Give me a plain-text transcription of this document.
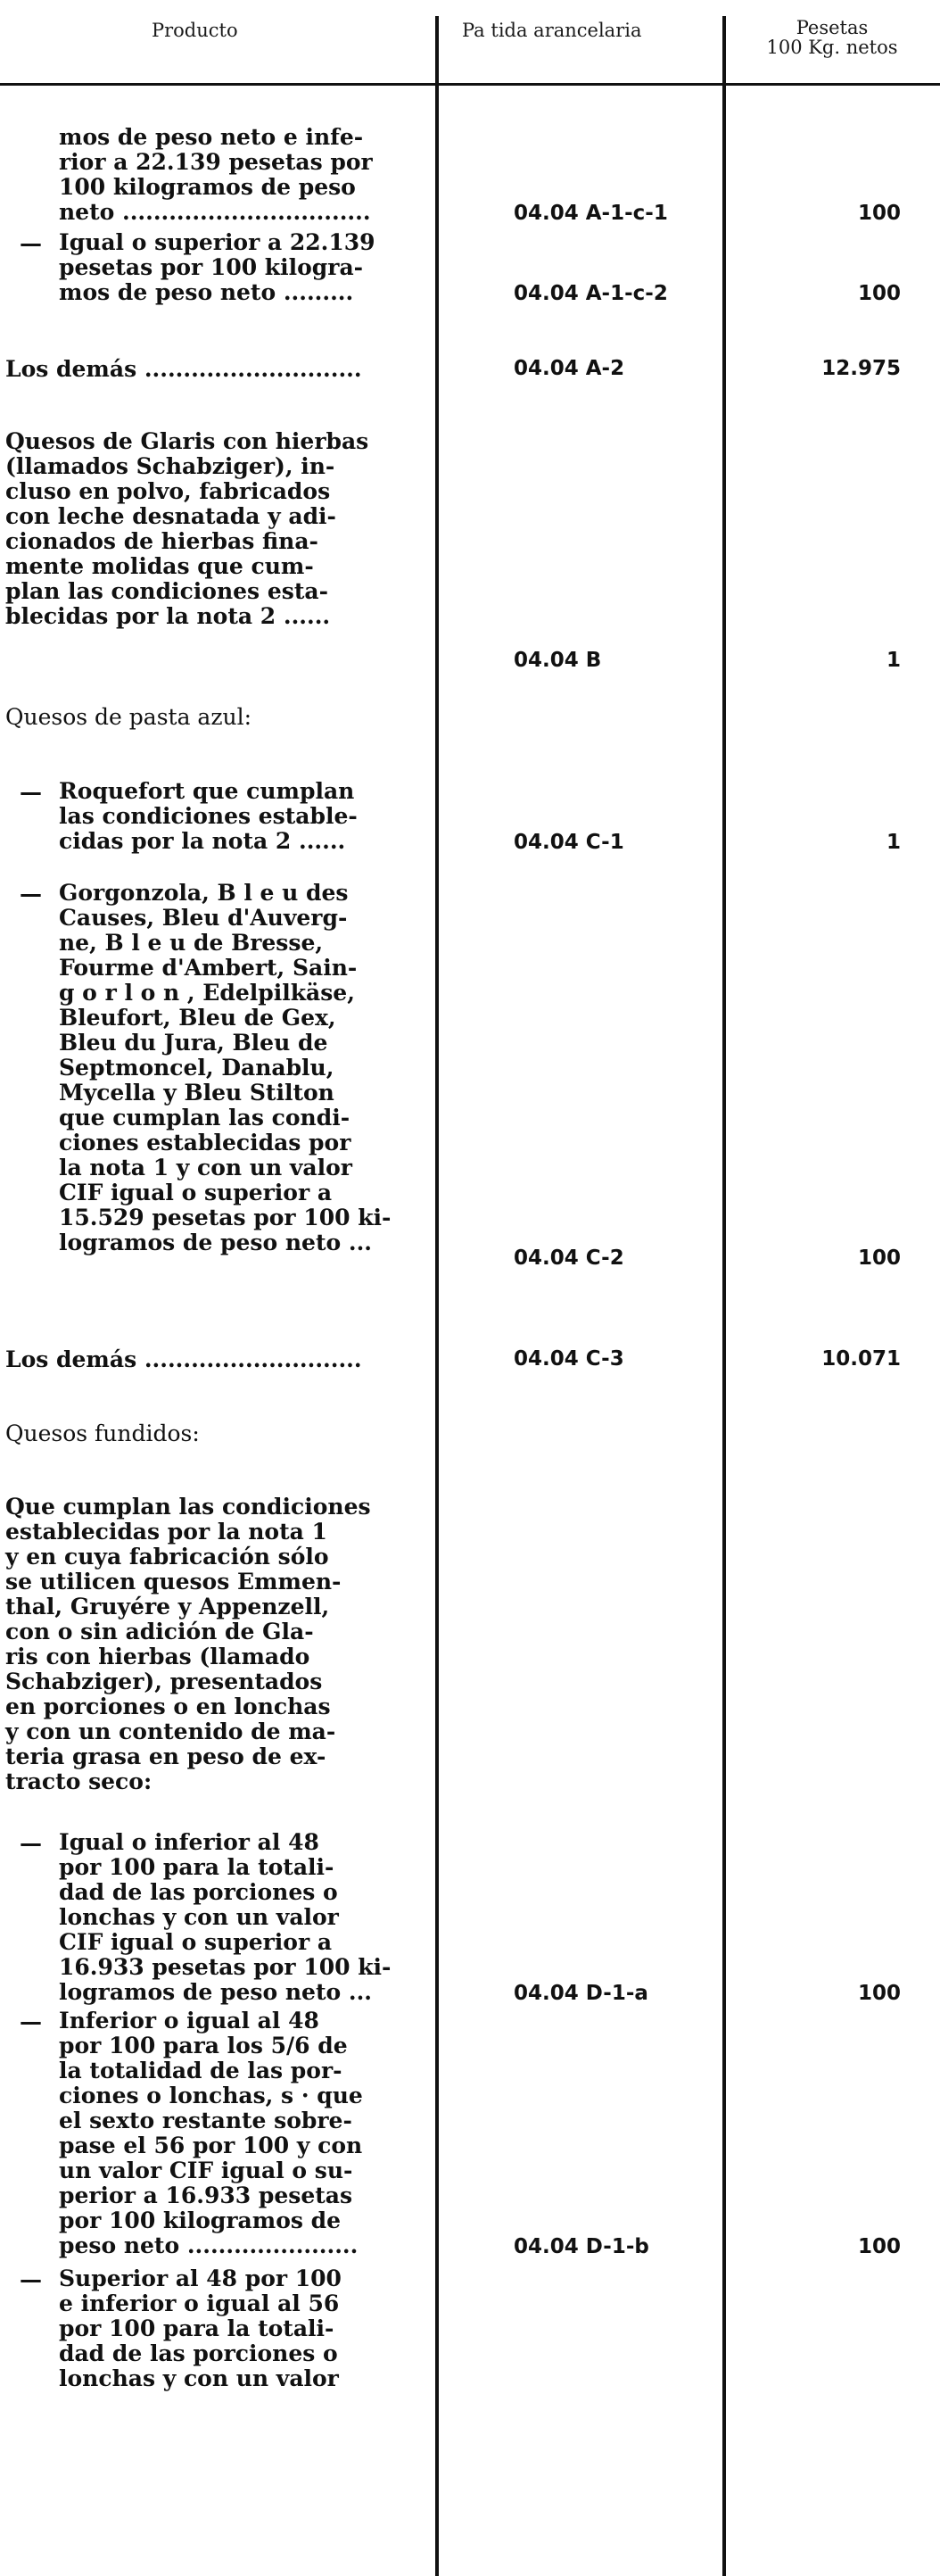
Producto	Pa tida arancelaria	Pesetas
100 Kg. netos
mos de peso neto e infe-
rior a 22.139 pesetas por
100 kilogramos de peso
neto ................................	04.04 A-1-c-1	100
— Igual o superior a 22.139
pesetas por 100 kilogra-
mos de peso neto .........	04.04 A-1-c-2	100
Los demás ............................	04.04 A-2	12.975
Quesos de Glaris con hierbas
(llamados Schabziger), in-
cluso en polvo, fabricados
con leche desnatada y adi-
cionados de hierbas fina-
mente molidas que cum-
plan las condiciones esta-
blecidas por la nota 2 ......
04.04 B	1
Quesos de pasta azul:
— Roquefort que cumplan
las condiciones estable-
cidas por la nota 2 ......	04.04 C-1	1
— Gorgonzola, B l e u des
Causes, Bleu d'Auverg-
ne, B l e u de Bresse,
Fourme d'Ambert, Sain-
g o r l o n , Edelpilkäse,
Bleufort, Bleu de Gex,
Bleu du Jura, Bleu de
Septmoncel, Danablu,
Mycella y Bleu Stilton
que cumplan las condi-
ciones establecidas por
la nota 1 y con un valor
CIF igual o superior a
15.529 pesetas por 100 ki-
logramos de peso neto ...
04.04 C-2	100
Los demás ............................	04.04 C-3	10.071
Quesos fundidos:
Que cumplan las condiciones
establecidas por la nota 1
y en cuya fabricación sólo
se utilicen quesos Emmen-
thal, Gruyére y Appenzell,
con o sin adición de Gla-
ris con hierbas (llamado
Schabziger), presentados
en porciones o en lonchas
y con un contenido de ma-
teria grasa en peso de ex-
tracto seco:
— Igual o inferior al 48
por 100 para la totali-
dad de las porciones o
lonchas y con un valor
CIF igual o superior a
16.933 pesetas por 100 ki-
logramos de peso neto ...	04.04 D-1-a	100
— Inferior o igual al 48
por 100 para los 5/6 de
la totalidad de las por-
ciones o lonchas, s · que
el sexto restante sobre-
pase el 56 por 100 y con
un valor CIF igual o su-
perior a 16.933 pesetas
por 100 kilogramos de
peso neto ......................	04.04 D-1-b	100
— Superior al 48 por 100
e inferior o igual al 56
por 100 para la totali-
dad de las porciones o
lonchas y con un valor
